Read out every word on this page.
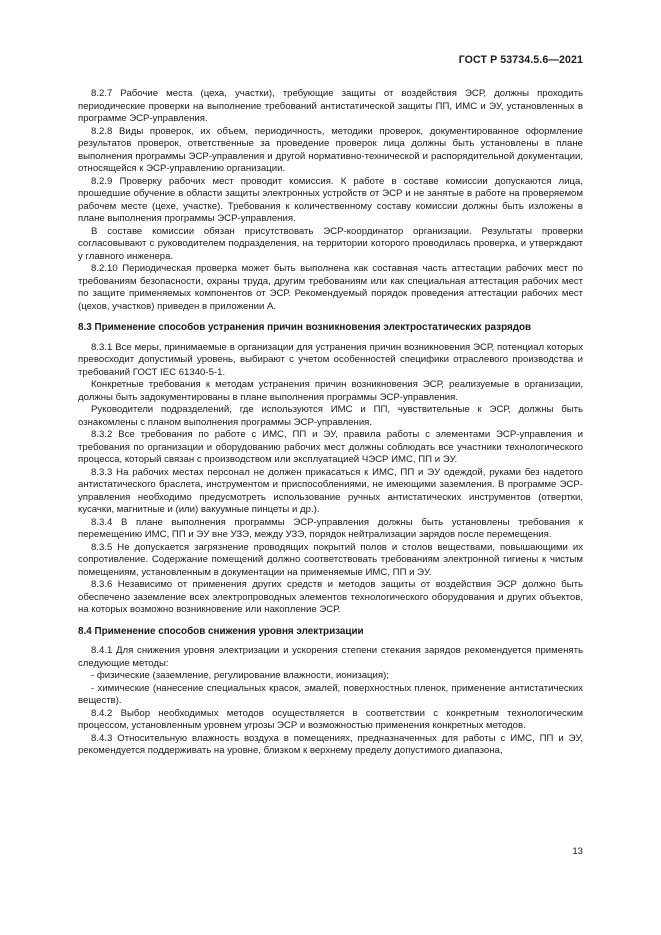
ГОСТ Р 53734.5.6—2021

8.2.7 Рабочие места (цеха, участки), требующие защиты от воздействия ЭСР, должны проходить периодические проверки на выполнение требований антистатической защиты ПП, ИМС и ЭУ, установленных в программе ЭСР-управления.

8.2.8 Виды проверок, их объем, периодичность, методики проверок, документированное оформление результатов проверок, ответственные за проведение проверок лица должны быть установлены в плане выполнения программы ЭСР-управления и другой нормативно-технической и распорядительной документации, относящейся к ЭСР-управлению организации.

8.2.9 Проверку рабочих мест проводит комиссия. К работе в составе комиссии допускаются лица, прошедшие обучение в области защиты электронных устройств от ЭСР и не занятые в работе на проверяемом рабочем месте (цехе, участке). Требования к количественному составу комиссии должны быть изложены в плане выполнения программы ЭСР-управления.

В составе комиссии обязан присутствовать ЭСР-координатор организации. Результаты проверки согласовывают с руководителем подразделения, на территории которого проводилась проверка, и утверждают у главного инженера.

8.2.10 Периодическая проверка может быть выполнена как составная часть аттестации рабочих мест по требованиям безопасности, охраны труда, другим требованиям или как специальная аттестация рабочих мест по защите применяемых компонентов от ЭСР. Рекомендуемый порядок проведения аттестации рабочих мест (цехов, участков) приведен в приложении А.

8.3 Применение способов устранения причин возникновения электростатических разрядов

8.3.1 Все меры, принимаемые в организации для устранения причин возникновения ЭСР, потенциал которых превосходит допустимый уровень, выбирают с учетом особенностей специфики отраслевого производства и требований ГОСТ IEC 61340-5-1.

Конкретные требования к методам устранения причин возникновения ЭСР, реализуемые в организации, должны быть задокументированы в плане выполнения программы ЭСР-управления.

Руководители подразделений, где используются ИМС и ПП, чувствительные к ЭСР, должны быть ознакомлены с планом выполнения программы ЭСР-управления.

8.3.2 Все требования по работе с ИМС, ПП и ЭУ, правила работы с элементами ЭСР-управления и требования по организации и оборудованию рабочих мест должны соблюдать все участники технологического процесса, который связан с производством или эксплуатацией ЧЭСР ИМС, ПП и ЭУ.

8.3.3 На рабочих местах персонал не должен прикасаться к ИМС, ПП и ЭУ одеждой, руками без надетого антистатического браслета, инструментом и приспособлениями, не имеющими заземления. В программе ЭСР-управления необходимо предусмотреть использование ручных антистатических инструментов (отвертки, кусачки, магнитные и (или) вакуумные пинцеты и др.).

8.3.4 В плане выполнения программы ЭСР-управления должны быть установлены требования к перемещению ИМС, ПП и ЭУ вне УЗЭ, между УЗЭ, порядок нейтрализации зарядов после перемещения.

8.3.5 Не допускается загрязнение проводящих покрытий полов и столов веществами, повышающими их сопротивление. Содержание помещений должно соответствовать требованиям электронной гигиены к чистым помещениям, установленным в документации на применяемые ИМС, ПП и ЭУ.

8.3.6 Независимо от применения других средств и методов защиты от воздействия ЭСР должно быть обеспечено заземление всех электропроводных элементов технологического оборудования и других объектов, на которых возможно возникновение или накопление ЭСР.

8.4 Применение способов снижения уровня электризации

8.4.1 Для снижения уровня электризации и ускорения степени стекания зарядов рекомендуется применять следующие методы:

- физические (заземление, регулирование влажности, ионизация);

- химические (нанесение специальных красок, эмалей, поверхностных пленок, применение антистатических веществ).

8.4.2 Выбор необходимых методов осуществляется в соответствии с конкретным технологическим процессом, установленным уровнем угрозы ЭСР и возможностью применения конкретных методов.

8.4.3 Относительную влажность воздуха в помещениях, предназначенных для работы с ИМС, ПП и ЭУ, рекомендуется поддерживать на уровне, близком к верхнему пределу допустимого диапазона,

13
